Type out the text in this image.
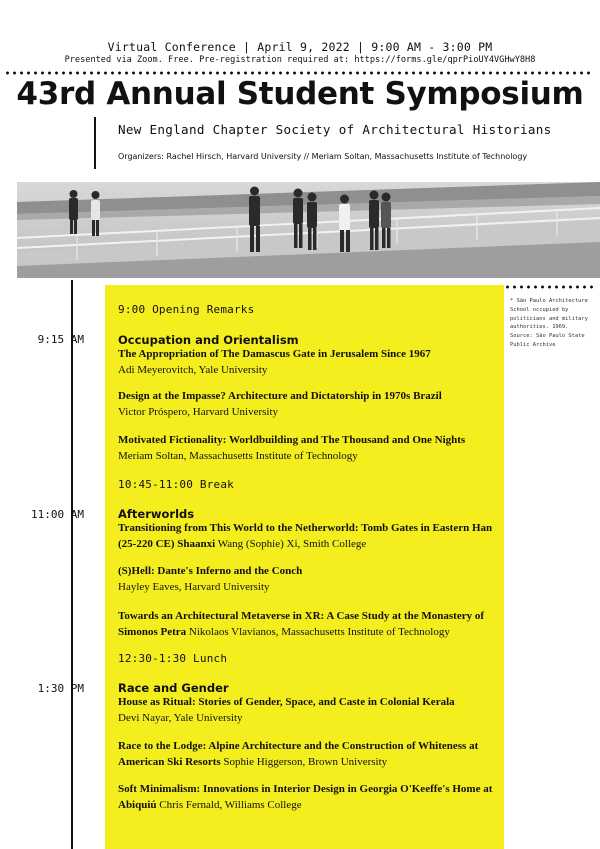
Virtual Conference | April 9, 2022 | 9:00 AM - 3:00 PM
Presented via Zoom. Free. Pre-registration required at: https://forms.gle/qprPioUY4VGHwY8H8
43rd Annual Student Symposium
New England Chapter Society of Architectural Historians
Organizers: Rachel Hirsch, Harvard University // Meriam Soltan, Massachusetts Institute of Technology
* São Paulo Architecture School occupied by politicians and military authorities. 1969. Source: São Paulo State Public Archive
9:00 Opening Remarks
9:15 AM	Occupation and Orientalism
The Appropriation of The Damascus Gate in Jerusalem Since 1967
Adi Meyerovitch, Yale University
Design at the Impasse? Architecture and Dictatorship in 1970s Brazil
Victor Próspero, Harvard University
Motivated Fictionality: Worldbuilding and The Thousand and One Nights
Meriam Soltan, Massachusetts Institute of Technology
10:45-11:00 Break
11:00 AM	Afterworlds
Transitioning from This World to the Netherworld: Tomb Gates in Eastern Han (25-220 CE) Shaanxi Wang (Sophie) Xi, Smith College
(S)Hell: Dante's Inferno and the Conch
Hayley Eaves, Harvard University
Towards an Architectural Metaverse in XR: A Case Study at the Monastery of Simonos Petra Nikolaos Vlavianos, Massachusetts Institute of Technology
12:30-1:30 Lunch
1:30 PM	Race and Gender
House as Ritual: Stories of Gender, Space, and Caste in Colonial Kerala
Devi Nayar, Yale University
Race to the Lodge: Alpine Architecture and the Construction of Whiteness at American Ski Resorts Sophie Higgerson, Brown University
Soft Minimalism: Innovations in Interior Design in Georgia O'Keeffe's Home at Abiquiú Chris Fernald, Williams College
